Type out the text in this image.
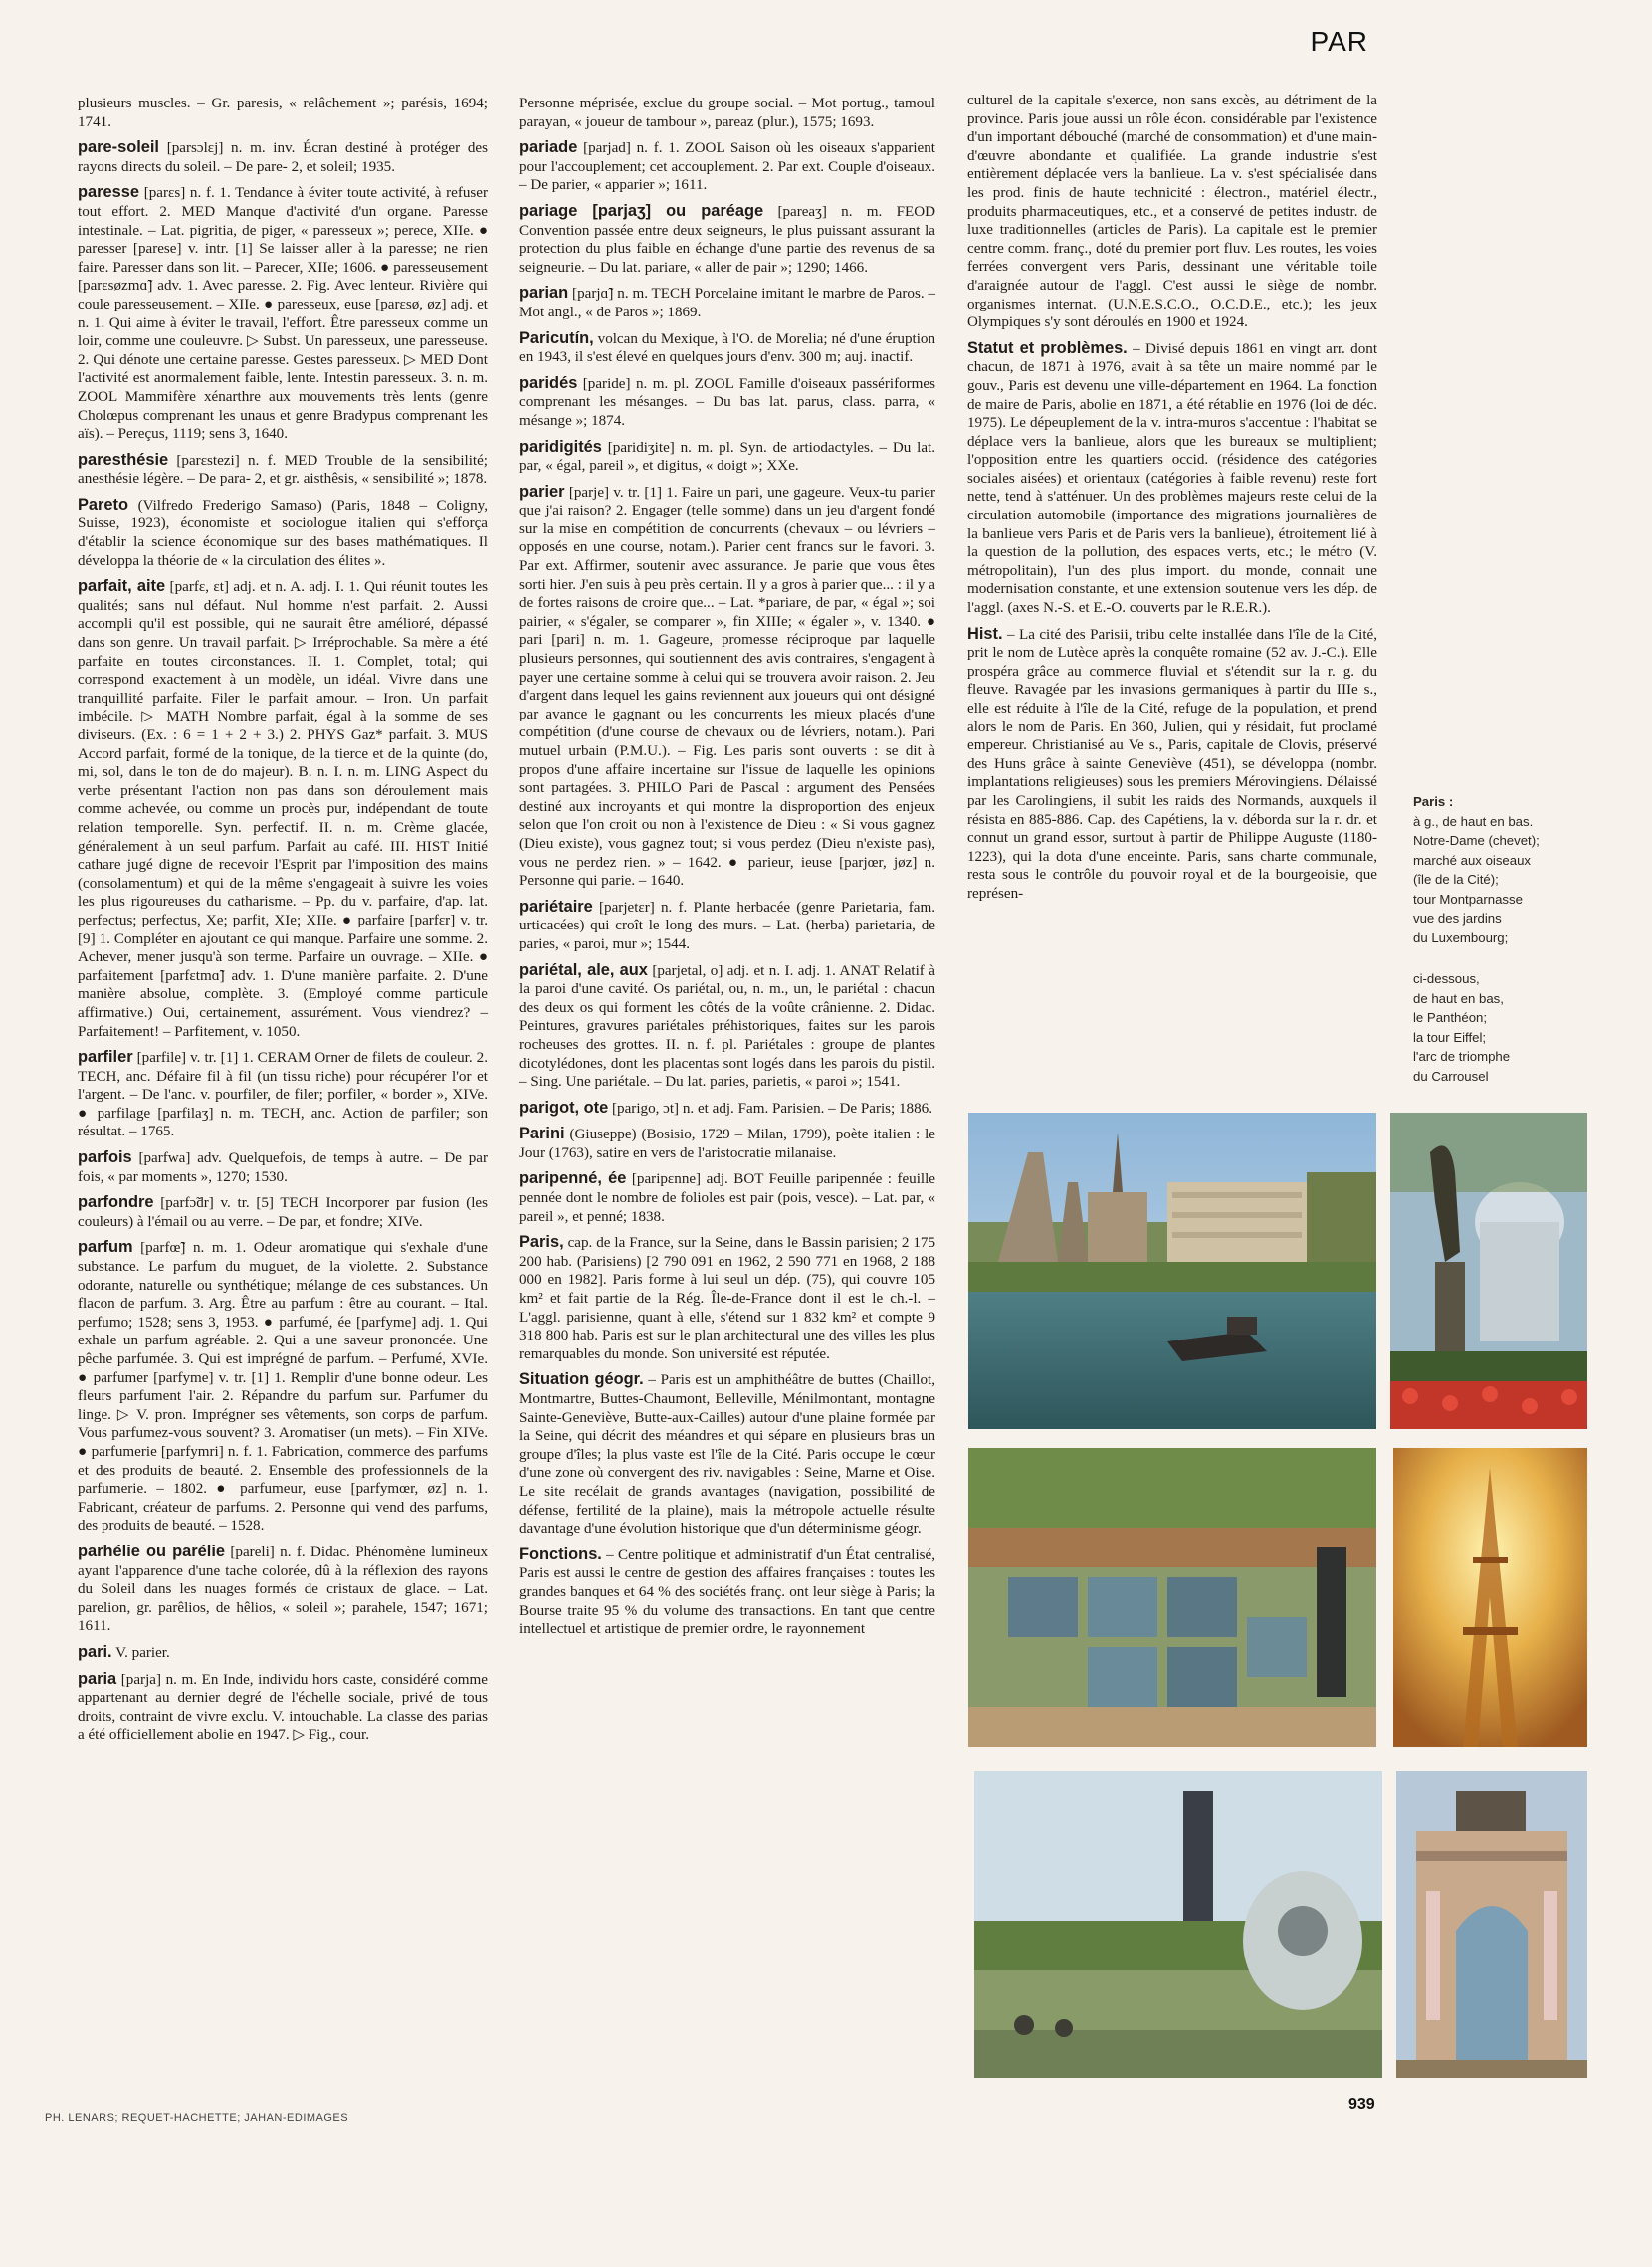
PAR

plusieurs muscles. – Gr. paresis, « relâchement »; parésis, 1694; 1741.

pare-soleil [parsɔlɛj] n. m. inv. Écran destiné à protéger des rayons directs du soleil. – De pare- 2, et soleil; 1935.

paresse [parɛs] n. f. 1. Tendance à éviter toute activité, à refuser tout effort. 2. MED Manque d'activité d'un organe. Paresse intestinale. – Lat. pigritia, de piger, « paresseux »; perece, XIIe. ● paresser [parese] v. intr. [1] Se laisser aller à la paresse; ne rien faire. Paresser dans son lit. – Parecer, XIIe; 1606. ● paresseusement [parɛsøzmɑ̃] adv. 1. Avec paresse. 2. Fig. Avec lenteur. Rivière qui coule paresseusement. – XIIe. ● paresseux, euse [parɛsø, øz] adj. et n. 1. Qui aime à éviter le travail, l'effort. Être paresseux comme un loir, comme une couleuvre. ▷ Subst. Un paresseux, une paresseuse. 2. Qui dénote une certaine paresse. Gestes paresseux. ▷ MED Dont l'activité est anormalement faible, lente. Intestin paresseux. 3. n. m. ZOOL Mammifère xénarthre aux mouvements très lents (genre Cholœpus comprenant les unaus et genre Bradypus comprenant les aïs). – Pereçus, 1119; sens 3, 1640.

paresthésie [parɛstezi] n. f. MED Trouble de la sensibilité; anesthésie légère. – De para- 2, et gr. aisthêsis, « sensibilité »; 1878.

Pareto (Vilfredo Frederigo Samaso) (Paris, 1848 – Coligny, Suisse, 1923), économiste et sociologue italien qui s'efforça d'établir la science économique sur des bases mathématiques. Il développa la théorie de « la circulation des élites ».

parfait, aite [parfɛ, ɛt] adj. et n. A. adj. I. 1. Qui réunit toutes les qualités; sans nul défaut. Nul homme n'est parfait. 2. Aussi accompli qu'il est possible, qui ne saurait être amélioré, dépassé dans son genre. Un travail parfait. ▷ Irréprochable. Sa mère a été parfaite en toutes circonstances. II. 1. Complet, total; qui correspond exactement à un modèle, un idéal. Vivre dans une tranquillité parfaite. Filer le parfait amour. – Iron. Un parfait imbécile. ▷ MATH Nombre parfait, égal à la somme de ses diviseurs. (Ex. : 6 = 1 + 2 + 3.) 2. PHYS Gaz* parfait. 3. MUS Accord parfait, formé de la tonique, de la tierce et de la quinte (do, mi, sol, dans le ton de do majeur). B. n. I. n. m. LING Aspect du verbe présentant l'action non pas dans son déroulement mais comme achevée, ou comme un procès pur, indépendant de toute relation temporelle. Syn. perfectif. II. n. m. Crème glacée, généralement à un seul parfum. Parfait au café. III. HIST Initié cathare jugé digne de recevoir l'Esprit par l'imposition des mains (consolamentum) et qui de la même s'engageait à suivre les voies les plus rigoureuses du catharisme. – Pp. du v. parfaire, d'ap. lat. perfectus; perfectus, Xe; parfit, XIe; XIIe. ● parfaire [parfɛr] v. tr. [9] 1. Compléter en ajoutant ce qui manque. Parfaire une somme. 2. Achever, mener jusqu'à son terme. Parfaire un ouvrage. – XIIe. ● parfaitement [parfɛtmɑ̃] adv. 1. D'une manière parfaite. 2. D'une manière absolue, complète. 3. (Employé comme particule affirmative.) Oui, certainement, assurément. Vous viendrez? – Parfaitement! – Parfitement, v. 1050.

parfiler [parfile] v. tr. [1] 1. CERAM Orner de filets de couleur. 2. TECH, anc. Défaire fil à fil (un tissu riche) pour récupérer l'or et l'argent. – De l'anc. v. pourfiler, de filer; porfiler, « border », XIVe. ● parfilage [parfilaʒ] n. m. TECH, anc. Action de parfiler; son résultat. – 1765.

parfois [parfwa] adv. Quelquefois, de temps à autre. – De par fois, « par moments », 1270; 1530.

parfondre [parfɔ̃dr] v. tr. [5] TECH Incorporer par fusion (les couleurs) à l'émail ou au verre. – De par, et fondre; XIVe.

parfum [parfœ̃] n. m. 1. Odeur aromatique qui s'exhale d'une substance. Le parfum du muguet, de la violette. 2. Substance odorante, naturelle ou synthétique; mélange de ces substances. Un flacon de parfum. 3. Arg. Être au parfum : être au courant. – Ital. perfumo; 1528; sens 3, 1953. ● parfumé, ée [parfyme] adj. 1. Qui exhale un parfum agréable. 2. Qui a une saveur prononcée. Une pêche parfumée. 3. Qui est imprégné de parfum. – Perfumé, XVIe. ● parfumer [parfyme] v. tr. [1] 1. Remplir d'une bonne odeur. Les fleurs parfument l'air. 2. Répandre du parfum sur. Parfumer du linge. ▷ V. pron. Imprégner ses vêtements, son corps de parfum. Vous parfumez-vous souvent? 3. Aromatiser (un mets). – Fin XIVe. ● parfumerie [parfymri] n. f. 1. Fabrication, commerce des parfums et des produits de beauté. 2. Ensemble des professionnels de la parfumerie. – 1802. ● parfumeur, euse [parfymœr, øz] n. 1. Fabricant, créateur de parfums. 2. Personne qui vend des parfums, des produits de beauté. – 1528.

parhélie ou parélie [pareli] n. f. Didac. Phénomène lumineux ayant l'apparence d'une tache colorée, dû à la réflexion des rayons du Soleil dans les nuages formés de cristaux de glace. – Lat. parelion, gr. parêlios, de hêlios, « soleil »; parahele, 1547; 1671; 1611.

pari. V. parier.

paria [parja] n. m. En Inde, individu hors caste, considéré comme appartenant au dernier degré de l'échelle sociale, privé de tous droits, contraint de vivre exclu. V. intouchable. La classe des parias a été officiellement abolie en 1947. ▷ Fig., cour.

Personne méprisée, exclue du groupe social. – Mot portug., tamoul parayan, « joueur de tambour », pareaz (plur.), 1575; 1693.

pariade [parjad] n. f. 1. ZOOL Saison où les oiseaux s'apparient pour l'accouplement; cet accouplement. 2. Par ext. Couple d'oiseaux. – De parier, « apparier »; 1611.

pariage [parjaʒ] ou paréage [pareaʒ] n. m. FEOD Convention passée entre deux seigneurs, le plus puissant assurant la protection du plus faible en échange d'une partie des revenus de sa seigneurie. – Du lat. pariare, « aller de pair »; 1290; 1466.

parian [parjɑ̃] n. m. TECH Porcelaine imitant le marbre de Paros. – Mot angl., « de Paros »; 1869.

Paricutín, volcan du Mexique, à l'O. de Morelia; né d'une éruption en 1943, il s'est élevé en quelques jours d'env. 300 m; auj. inactif.

paridés [paride] n. m. pl. ZOOL Famille d'oiseaux passériformes comprenant les mésanges. – Du bas lat. parus, class. parra, « mésange »; 1874.

paridigités [paridiʒite] n. m. pl. Syn. de artiodactyles. – Du lat. par, « égal, pareil », et digitus, « doigt »; XXe.

parier [parje] v. tr. [1] 1. Faire un pari, une gageure. Veux-tu parier que j'ai raison? 2. Engager (telle somme) dans un jeu d'argent fondé sur la mise en compétition de concurrents (chevaux – ou lévriers – opposés en une course, notam.). Parier cent francs sur le favori. 3. Par ext. Affirmer, soutenir avec assurance. Je parie que vous êtes sorti hier. J'en suis à peu près certain. Il y a gros à parier que... : il y a de fortes raisons de croire que... – Lat. *pariare, de par, « égal »; soi pairier, « s'égaler, se comparer », fin XIIIe; « égaler », v. 1340. ● pari [pari] n. m. 1. Gageure, promesse réciproque par laquelle plusieurs personnes, qui soutiennent des avis contraires, s'engagent à payer une certaine somme à celui qui se trouvera avoir raison. 2. Jeu d'argent dans lequel les gains reviennent aux joueurs qui ont désigné par avance le gagnant ou les concurrents les mieux placés d'une compétition (d'une course de chevaux ou de lévriers, notam.). Pari mutuel urbain (P.M.U.). – Fig. Les paris sont ouverts : se dit à propos d'une affaire incertaine sur l'issue de laquelle les opinions sont partagées. 3. PHILO Pari de Pascal : argument des Pensées destiné aux incroyants et qui montre la disproportion des enjeux selon que l'on croit ou non à l'existence de Dieu : « Si vous gagnez (Dieu existe), vous gagnez tout; si vous perdez (Dieu n'existe pas), vous ne perdez rien. » – 1642. ● parieur, ieuse [parjœr, jøz] n. Personne qui parie. – 1640.

pariétaire [parjetɛr] n. f. Plante herbacée (genre Parietaria, fam. urticacées) qui croît le long des murs. – Lat. (herba) parietaria, de paries, « paroi, mur »; 1544.

pariétal, ale, aux [parjetal, o] adj. et n. I. adj. 1. ANAT Relatif à la paroi d'une cavité. Os pariétal, ou, n. m., un, le pariétal : chacun des deux os qui forment les côtés de la voûte crânienne. 2. Didac. Peintures, gravures pariétales préhistoriques, faites sur les parois rocheuses des grottes. II. n. f. pl. Pariétales : groupe de plantes dicotylédones, dont les placentas sont logés dans les parois du pistil. – Sing. Une pariétale. – Du lat. paries, parietis, « paroi »; 1541.

parigot, ote [parigo, ɔt] n. et adj. Fam. Parisien. – De Paris; 1886.

Parini (Giuseppe) (Bosisio, 1729 – Milan, 1799), poète italien : le Jour (1763), satire en vers de l'aristocratie milanaise.

paripenné, ée [paripɛnne] adj. BOT Feuille paripennée : feuille pennée dont le nombre de folioles est pair (pois, vesce). – Lat. par, « pareil », et penné; 1838.

Paris, cap. de la France, sur la Seine, dans le Bassin parisien; 2 175 200 hab. (Parisiens) [2 790 091 en 1962, 2 590 771 en 1968, 2 188 000 en 1982]. Paris forme à lui seul un dép. (75), qui couvre 105 km² et fait partie de la Rég. Île-de-France dont il est le ch.-l. – L'aggl. parisienne, quant à elle, s'étend sur 1 832 km² et compte 9 318 800 hab. Paris est sur le plan architectural une des villes les plus remarquables du monde. Son université est réputée.

Situation géogr. – Paris est un amphithéâtre de buttes (Chaillot, Montmartre, Buttes-Chaumont, Belleville, Ménilmontant, montagne Sainte-Geneviève, Butte-aux-Cailles) autour d'une plaine formée par la Seine, qui décrit des méandres et qui sépare en plusieurs bras un groupe d'îles; la plus vaste est l'île de la Cité. Paris occupe le cœur d'une zone où convergent des riv. navigables : Seine, Marne et Oise. Le site recélait de grands avantages (navigation, possibilité de défense, fertilité de la plaine), mais la métropole actuelle résulte davantage d'une évolution historique que d'un déterminisme géogr.

Fonctions. – Centre politique et administratif d'un État centralisé, Paris est aussi le centre de gestion des affaires françaises : toutes les grandes banques et 64 % des sociétés franç. ont leur siège à Paris; la Bourse traite 95 % du volume des transactions. En tant que centre intellectuel et artistique de premier ordre, le rayonnement

culturel de la capitale s'exerce, non sans excès, au détriment de la province. Paris joue aussi un rôle écon. considérable par l'existence d'un important débouché (marché de consommation) et d'une main-d'œuvre abondante et qualifiée. La grande industrie s'est entièrement déplacée vers la banlieue. La v. s'est spécialisée dans les prod. finis de haute technicité : électron., matériel électr., produits pharmaceutiques, etc., et a conservé de petites industr. de luxe traditionnelles (articles de Paris). La capitale est le premier centre comm. franç., doté du premier port fluv. Les routes, les voies ferrées convergent vers Paris, dessinant une véritable toile d'araignée autour de l'aggl. C'est aussi le siège de nombr. organismes internat. (U.N.E.S.C.O., O.C.D.E., etc.); les jeux Olympiques s'y sont déroulés en 1900 et 1924.

Statut et problèmes. – Divisé depuis 1861 en vingt arr. dont chacun, de 1871 à 1976, avait à sa tête un maire nommé par le gouv., Paris est devenu une ville-département en 1964. La fonction de maire de Paris, abolie en 1871, a été rétablie en 1976 (loi de déc. 1975). Le dépeuplement de la v. intra-muros s'accentue : l'habitat se déplace vers la banlieue, alors que les bureaux se multiplient; l'opposition entre les quartiers occid. (résidence des catégories sociales aisées) et orientaux (catégories à faible revenu) reste fort nette, tend à s'atténuer. Un des problèmes majeurs reste celui de la circulation automobile (importance des migrations journalières de la banlieue vers Paris et de Paris vers la banlieue), étroitement lié à la question de la pollution, des espaces verts, etc.; le métro (V. métropolitain), l'un des plus import. du monde, connait une modernisation constante, et une extension soutenue vers les dép. de l'aggl. (axes N.-S. et E.-O. couverts par le R.E.R.).

Hist. – La cité des Parisii, tribu celte installée dans l'île de la Cité, prit le nom de Lutèce après la conquête romaine (52 av. J.-C.). Elle prospéra grâce au commerce fluvial et s'étendit sur la r. g. du fleuve. Ravagée par les invasions germaniques à partir du IIIe s., elle est réduite à l'île de la Cité, refuge de la population, et prend alors le nom de Paris. En 360, Julien, qui y résidait, fut proclamé empereur. Christianisé au Ve s., Paris, capitale de Clovis, préservé des Huns grâce à sainte Geneviève (451), se développa (nombr. implantations religieuses) sous les premiers Mérovingiens. Délaissé par les Carolingiens, il subit les raids des Normands, auxquels il résista en 885-886. Cap. des Capétiens, la v. déborda sur la r. dr. et connut un grand essor, surtout à partir de Philippe Auguste (1180-1223), qui la dota d'une enceinte. Paris, sans charte communale, resta sous le contrôle du pouvoir royal et de la bourgeoisie, que représen-

Paris :

à g., de haut en bas.

Notre-Dame (chevet);

marché aux oiseaux

(île de la Cité);

tour Montparnasse

vue des jardins

du Luxembourg;

ci-dessous,

de haut en bas,

le Panthéon;

la tour Eiffel;

l'arc de triomphe

du Carrousel

PH. LENARS; REQUET-HACHETTE; JAHAN-EDIMAGES
939
